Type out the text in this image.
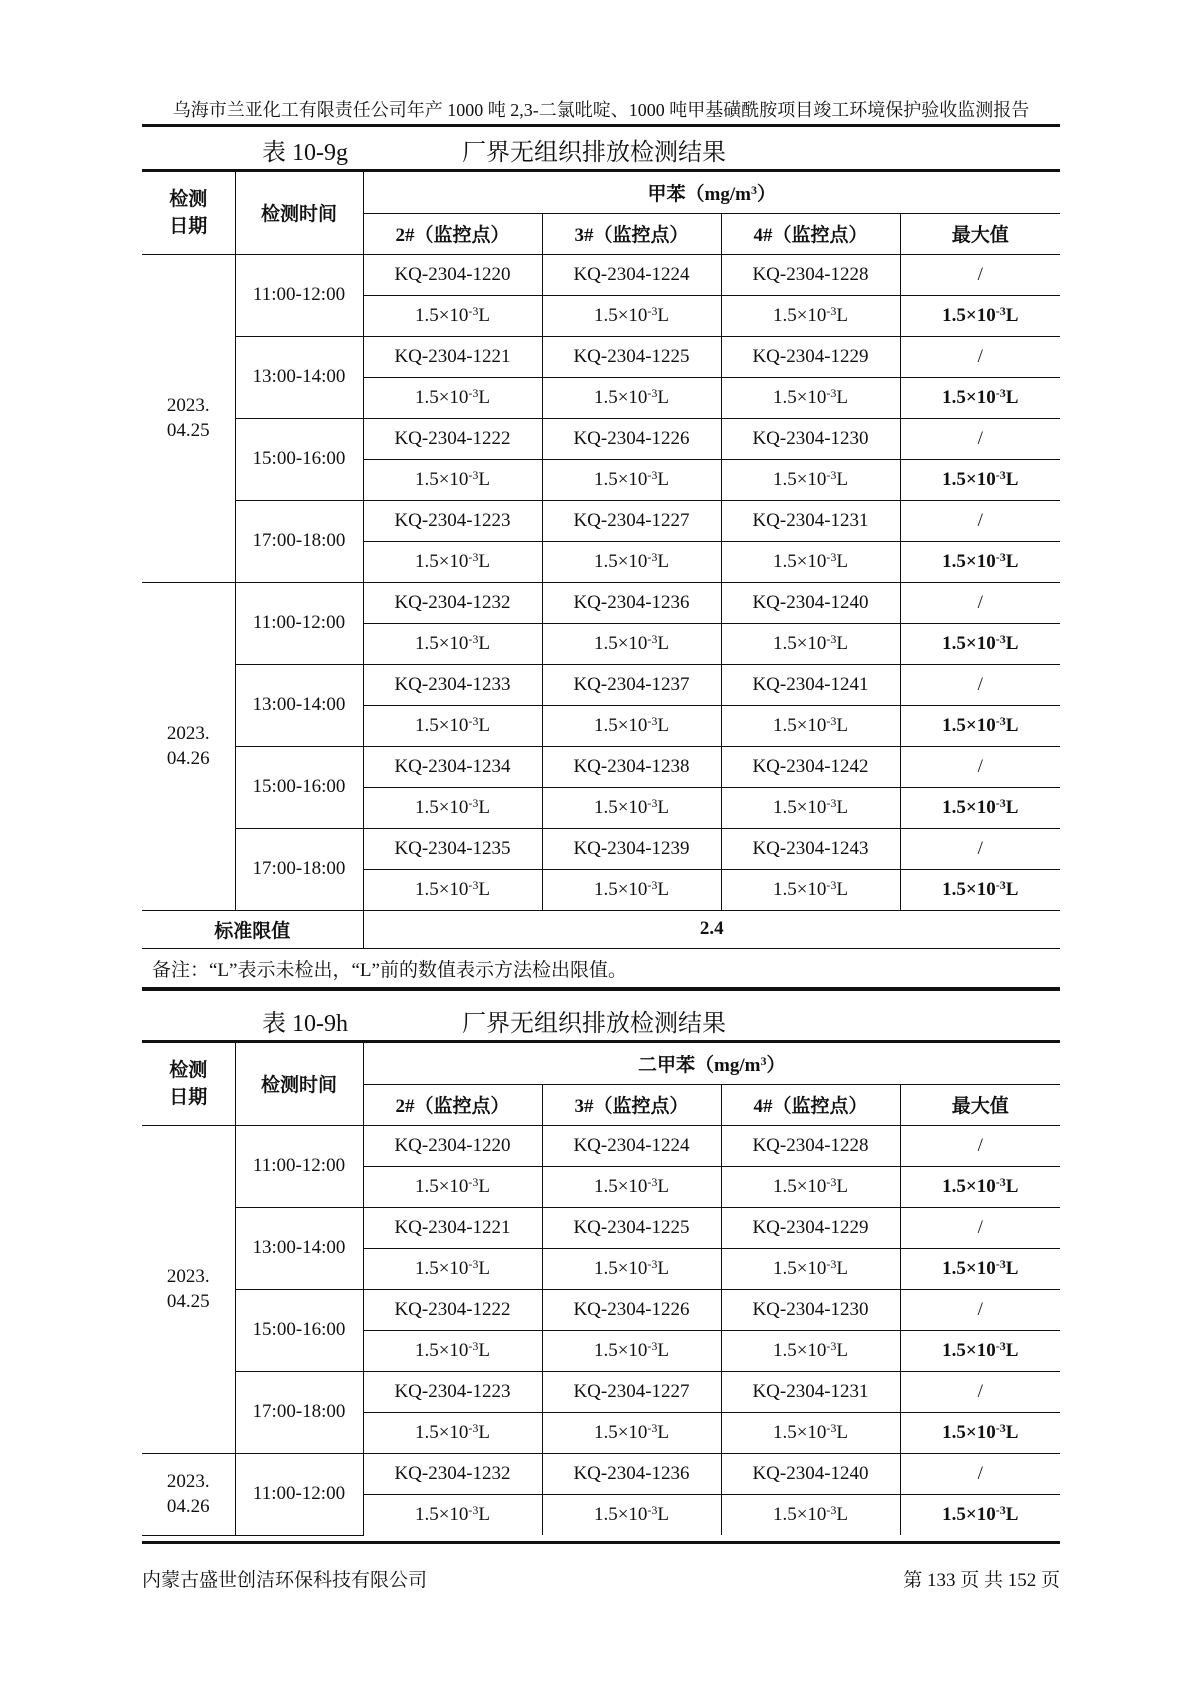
乌海市兰亚化工有限责任公司年产 1000 吨 2,3-二氯吡啶、1000 吨甲基磺酰胺项目竣工环境保护验收监测报告
表 10-9g	厂界无组织排放检测结果
检测
日期	检测时间	甲苯$(mg/m^3)$			
		2#（监控点）	3#（监控点）	4#（监控点）	最大值
2023.
04.25	11:00-12:00	KQ-2304-1220	KQ-2304-1224	KQ-2304-1228	/
		$1.5\times 10^{-3}L$	$1.5\times 10^{-3}L$	$1.5\times 10^{-3}L$	$1.5\times 10^{-3}L$
	13:00-14:00	KQ-2304-1221	KQ-2304-1225	KQ-2304-1229	/
		$1.5\times 10^{-3}L$	$1.5\times 10^{-3}L$	$1.5\times 10^{-3}L$	$1.5\times 10^{-3}L$
	15:00-16:00	KQ-2304-1222	KQ-2304-1226	KQ-2304-1230	/
		$1.5\times 10^{-3}L$	$1.5\times 10^{-3}L$	$1.5\times 10^{-3}L$	$1.5\times 10^{-3}L$
	17:00-18:00	KQ-2304-1223	KQ-2304-1227	KQ-2304-1231	/
		$1.5\times 10^{-3}L$	$1.5\times 10^{-3}L$	$1.5\times 10^{-3}L$	$1.5\times 10^{-3}L$
2023.
04.26	11:00-12:00	KQ-2304-1232	KQ-2304-1236	KQ-2304-1240	/
		$1.5\times 10^{-3}L$	$1.5\times 10^{-3}L$	$1.5\times 10^{-3}L$	$1.5\times 10^{-3}L$
	13:00-14:00	KQ-2304-1233	KQ-2304-1237	KQ-2304-1241	/
		$1.5\times 10^{-3}L$	$1.5\times 10^{-3}L$	$1.5\times 10^{-3}L$	$1.5\times 10^{-3}L$
	15:00-16:00	KQ-2304-1234	KQ-2304-1238	KQ-2304-1242	/
		$1.5\times 10^{-3}L$	$1.5\times 10^{-3}L$	$1.5\times 10^{-3}L$	$1.5\times 10^{-3}L$
	17:00-18:00	KQ-2304-1235	KQ-2304-1239	KQ-2304-1243	/
		$1.5\times 10^{-3}L$	$1.5\times 10^{-3}L$	$1.5\times 10^{-3}L$	$1.5\times 10^{-3}L$
标准限值		2.4			
备注：“L”表示未检出，“L”前的数值表示方法检出限值。
表 10-9h	厂界无组织排放检测结果
检测
日期	检测时间	二甲苯$(mg/m^3)$			
		2#（监控点）	3#（监控点）	4#（监控点）	最大值
2023.
04.25	11:00-12:00	KQ-2304-1220	KQ-2304-1224	KQ-2304-1228	/
		$1.5\times 10^{-3}L$	$1.5\times 10^{-3}L$	$1.5\times 10^{-3}L$	$1.5\times 10^{-3}L$
	13:00-14:00	KQ-2304-1221	KQ-2304-1225	KQ-2304-1229	/
		$1.5\times 10^{-3}L$	$1.5\times 10^{-3}L$	$1.5\times 10^{-3}L$	$1.5\times 10^{-3}L$
	15:00-16:00	KQ-2304-1222	KQ-2304-1226	KQ-2304-1230	/
		$1.5\times 10^{-3}L$	$1.5\times 10^{-3}L$	$1.5\times 10^{-3}L$	$1.5\times 10^{-3}L$
	17:00-18:00	KQ-2304-1223	KQ-2304-1227	KQ-2304-1231	/
		$1.5\times 10^{-3}L$	$1.5\times 10^{-3}L$	$1.5\times 10^{-3}L$	$1.5\times 10^{-3}L$
2023.
04.26	11:00-12:00	KQ-2304-1232	KQ-2304-1236	KQ-2304-1240	/
		$1.5\times 10^{-3}L$	$1.5\times 10^{-3}L$	$1.5\times 10^{-3}L$	$1.5\times 10^{-3}L$
内蒙古盛世创洁环保科技有限公司	第 133 页 共 152 页
